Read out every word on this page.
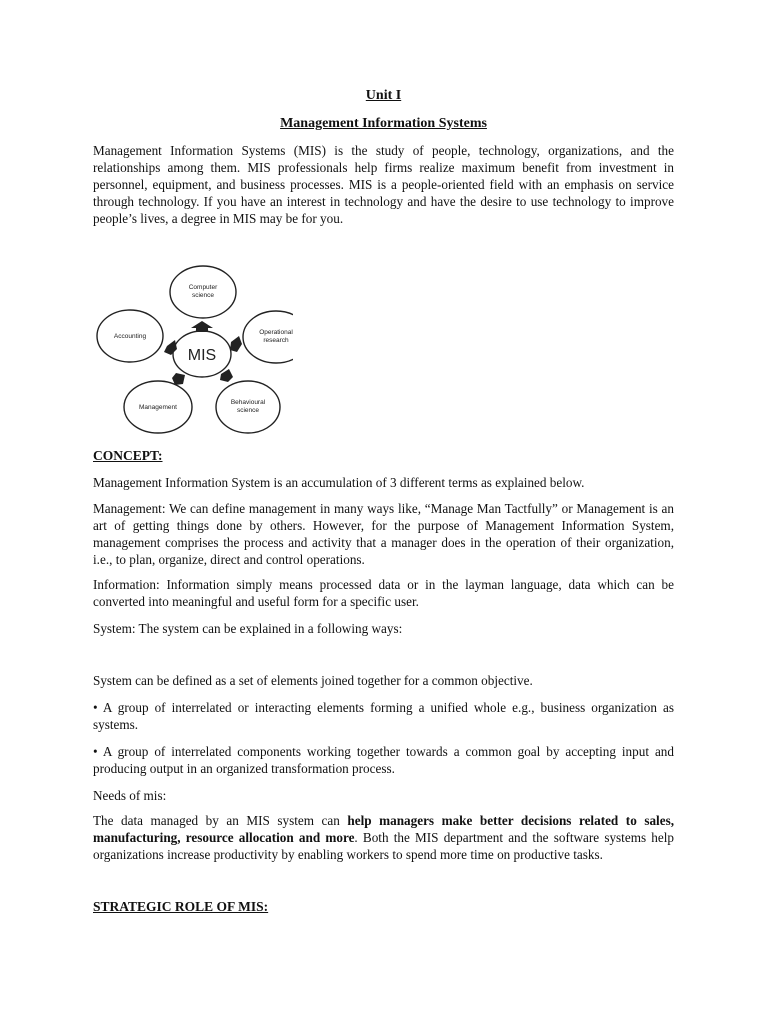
Unit I
Management Information Systems

Management Information Systems (MIS) is the study of people, technology, organizations, and the relationships among them. MIS professionals help firms realize maximum benefit from investment in personnel, equipment, and business processes. MIS is a people-oriented field with an emphasis on service through technology. If you have an interest in technology and have the desire to use technology to improve people’s lives, a degree in MIS may be for you.

CONCEPT:

Management Information System is an accumulation of 3 different terms as explained below.

Management: We can define management in many ways like, “Manage Man Tactfully” or Management is an art of getting things done by others. However, for the purpose of Management Information System, management comprises the process and activity that a manager does in the operation of their organization, i.e., to plan, organize, direct and control operations.

Information: Information simply means processed data or in the layman language, data which can be converted into meaningful and useful form for a specific user.

System: The system can be explained in a following ways:

System can be defined as a set of elements joined together for a common objective.

• A group of interrelated or interacting elements forming a unified whole e.g., business organization as systems.

• A group of interrelated components working together towards a common goal by accepting input and producing output in an organized transformation process.

Needs of mis:

The data managed by an MIS system can help managers make better decisions related to sales, manufacturing, resource allocation and more. Both the MIS department and the software systems help organizations increase productivity by enabling workers to spend more time on productive tasks.

STRATEGIC ROLE OF MIS:
MIS
Computer
science
Operational
research
Behavioural
science
Management
Accounting
